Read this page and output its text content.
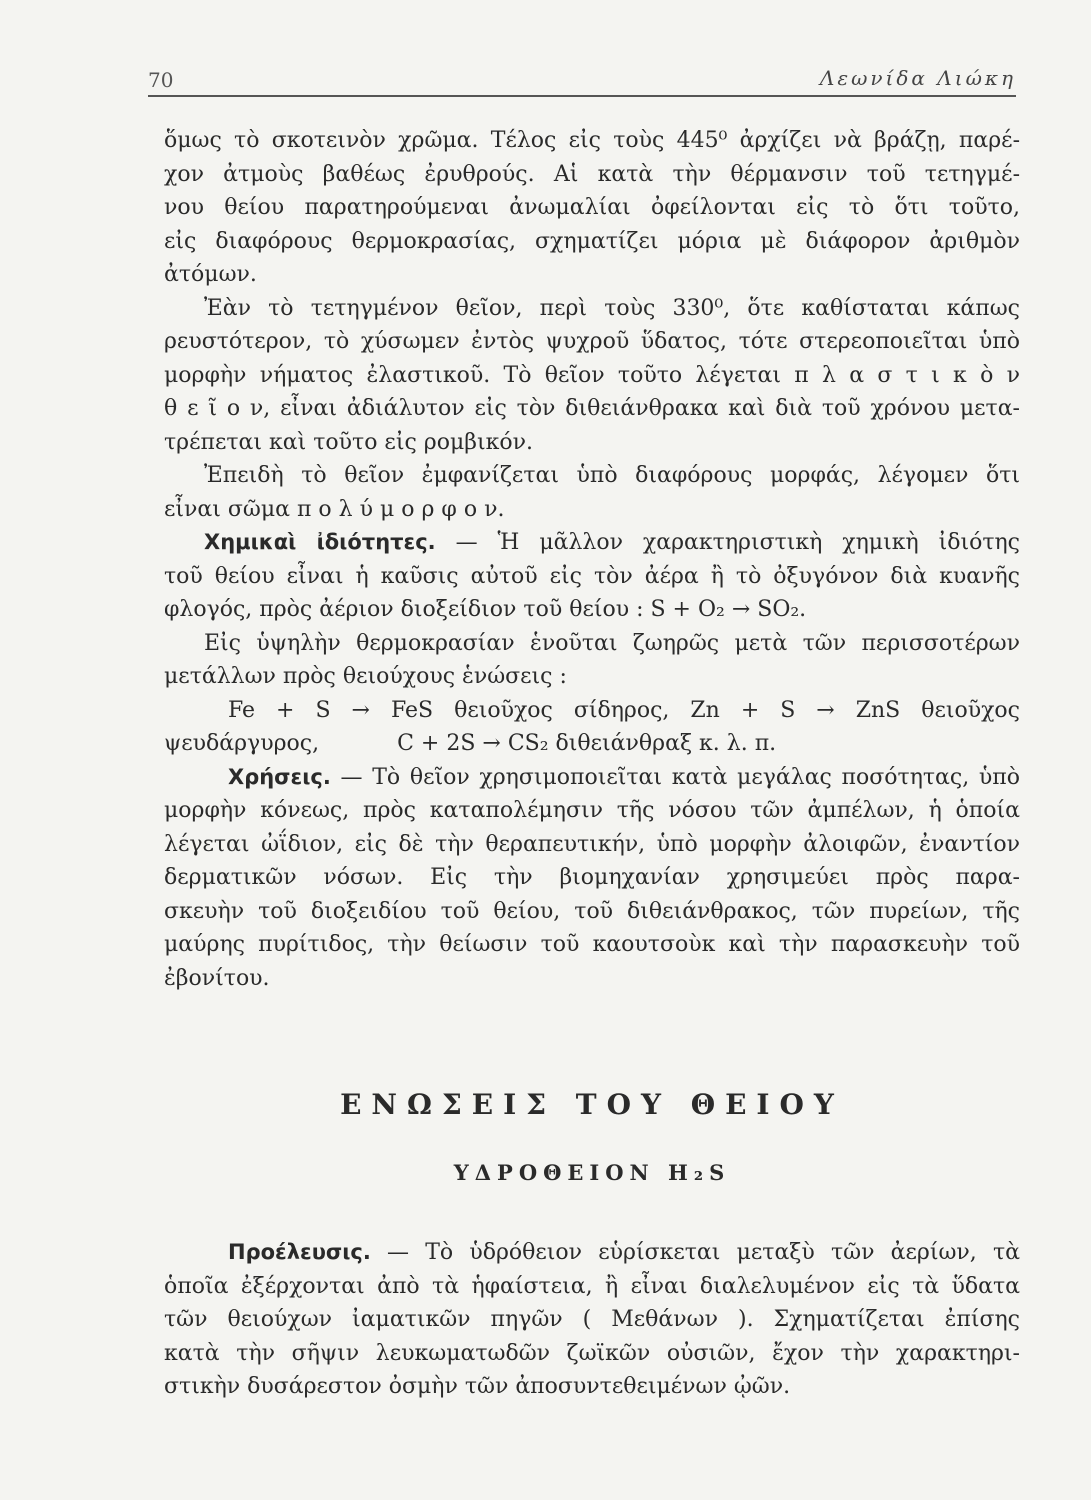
70	Λεωνίδα Λιώκη
ὅμως τὸ σκοτεινὸν χρῶμα. Τέλος εἰς τοὺς 445⁰ ἀρχίζει νὰ βράζῃ, παρέ-
χον ἀτμοὺς βαθέως ἐρυθρούς. Αἱ κατὰ τὴν θέρμανσιν τοῦ τετηγμέ-
νου θείου παρατηρούμεναι ἀνωμαλίαι ὀφείλονται εἰς τὸ ὅτι τοῦτο,
εἰς διαφόρους θερμοκρασίας, σχηματίζει μόρια μὲ διάφορον ἀριθμὸν
ἀτόμων.
Ἐὰν τὸ τετηγμένον θεῖον, περὶ τοὺς 330⁰, ὅτε καθίσταται κάπως
ρευστότερον, τὸ χύσωμεν ἐντὸς ψυχροῦ ὕδατος, τότε στερεοποιεῖται ὑπὸ
μορφὴν νήματος ἐλαστικοῦ. Τὸ θεῖον τοῦτο λέγεται π λ α σ τ ι κ ὸ ν
θ ε ῖ ο ν, εἶναι ἀδιάλυτον εἰς τὸν διθειάνθρακα καὶ διὰ τοῦ χρόνου μετα-
τρέπεται καὶ τοῦτο εἰς ρομβικόν.
Ἐπειδὴ τὸ θεῖον ἐμφανίζεται ὑπὸ διαφόρους μορφάς, λέγομεν ὅτι
εἶναι σῶμα π ο λ ύ μ ο ρ φ ο ν.
Χημικαὶ ἰδιότητες. — Ἡ μᾶλλον χαρακτηριστικὴ χημικὴ ἰδιότης
τοῦ θείου εἶναι ἡ καῦσις αὐτοῦ εἰς τὸν ἀέρα ἢ τὸ ὀξυγόνον διὰ κυανῆς
φλογός, πρὸς ἀέριον διοξείδιον τοῦ θείου : S + O₂ → SO₂.
Εἰς ὑψηλὴν θερμοκρασίαν ἑνοῦται ζωηρῶς μετὰ τῶν περισσοτέρων
μετάλλων πρὸς θειούχους ἑνώσεις :
Fe + S → FeS θειοῦχος σίδηρος, Zn + S → ZnS θειοῦχος
ψευδάργυρος,	C + 2S → CS₂ διθειάνθραξ κ. λ. π.
Χρήσεις. — Τὸ θεῖον χρησιμοποιεῖται κατὰ μεγάλας ποσότητας, ὑπὸ
μορφὴν κόνεως, πρὸς καταπολέμησιν τῆς νόσου τῶν ἀμπέλων, ἡ ὁποία
λέγεται ὠΐδιον, εἰς δὲ τὴν θεραπευτικήν, ὑπὸ μορφὴν ἀλοιφῶν, ἐναντίον
δερματικῶν νόσων. Εἰς τὴν βιομηχανίαν χρησιμεύει πρὸς παρα-
σκευὴν τοῦ διοξειδίου τοῦ θείου, τοῦ διθειάνθρακος, τῶν πυρείων, τῆς
μαύρης πυρίτιδος, τὴν θείωσιν τοῦ καουτσοὺκ καὶ τὴν παρασκευὴν τοῦ
ἐβονίτου.
ΕΝΩΣΕΙΣ ΤΟΥ ΘΕΙΟΥ
ΥΔΡΟΘΕΙΟΝ H₂S
Προέλευσις. — Τὸ ὑδρόθειον εὑρίσκεται μεταξὺ τῶν ἀερίων, τὰ
ὁποῖα ἐξέρχονται ἀπὸ τὰ ἡφαίστεια, ἢ εἶναι διαλελυμένον εἰς τὰ ὕδατα
τῶν θειούχων ἰαματικῶν πηγῶν ( Μεθάνων ). Σχηματίζεται ἐπίσης
κατὰ τὴν σῆψιν λευκωματωδῶν ζωϊκῶν οὐσιῶν, ἔχον τὴν χαρακτηρι-
στικὴν δυσάρεστον ὀσμὴν τῶν ἀποσυντεθειμένων ᾠῶν.
